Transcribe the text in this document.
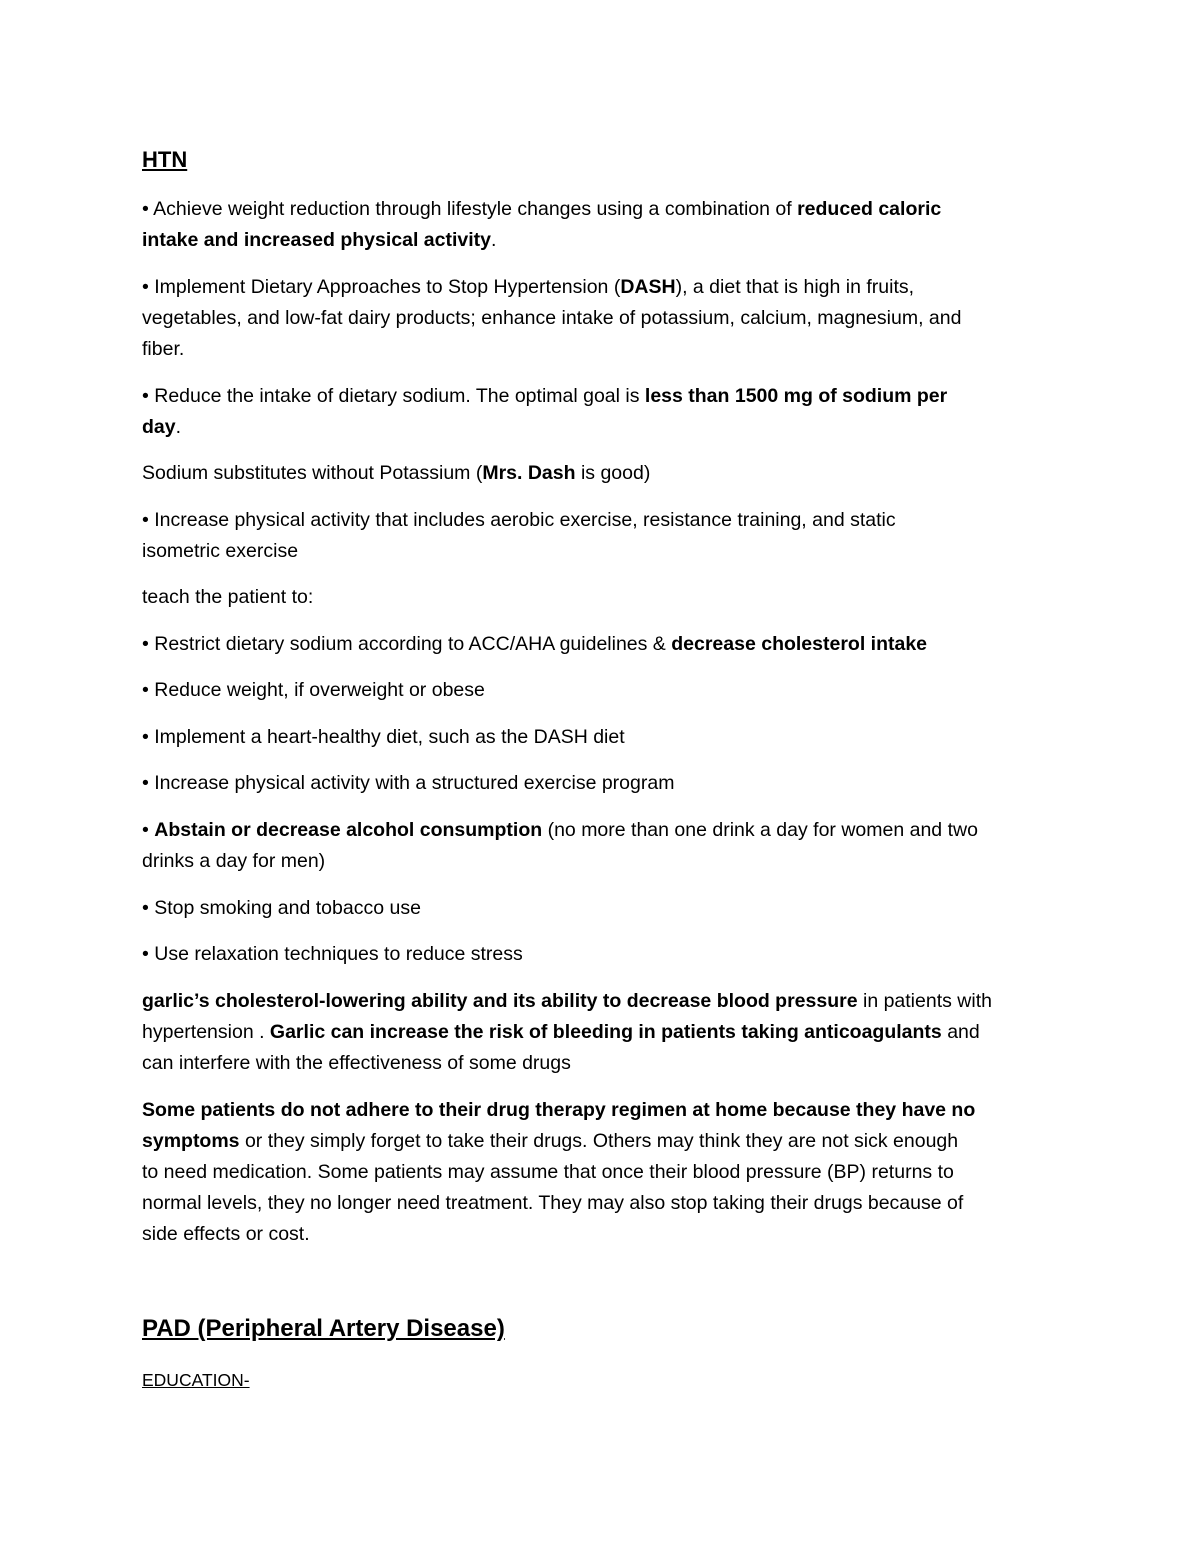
HTN
• Achieve weight reduction through lifestyle changes using a combination of reduced caloric
intake and increased physical activity.
• Implement Dietary Approaches to Stop Hypertension (DASH), a diet that is high in fruits,
vegetables, and low-fat dairy products; enhance intake of potassium, calcium, magnesium, and
fiber.
• Reduce the intake of dietary sodium. The optimal goal is less than 1500 mg of sodium per
day.
Sodium substitutes without Potassium (Mrs. Dash is good)
• Increase physical activity that includes aerobic exercise, resistance training, and static
isometric exercise
teach the patient to:
• Restrict dietary sodium according to ACC/AHA guidelines & decrease cholesterol intake
• Reduce weight, if overweight or obese
• Implement a heart-healthy diet, such as the DASH diet
• Increase physical activity with a structured exercise program
• Abstain or decrease alcohol consumption (no more than one drink a day for women and two
drinks a day for men)
• Stop smoking and tobacco use
• Use relaxation techniques to reduce stress
garlic’s cholesterol-lowering ability and its ability to decrease blood pressure in patients with
hypertension . Garlic can increase the risk of bleeding in patients taking anticoagulants and
can interfere with the effectiveness of some drugs
Some patients do not adhere to their drug therapy regimen at home because they have no
symptoms or they simply forget to take their drugs. Others may think they are not sick enough
to need medication. Some patients may assume that once their blood pressure (BP) returns to
normal levels, they no longer need treatment. They may also stop taking their drugs because of
side effects or cost.
PAD (Peripheral Artery Disease)
EDUCATION-
